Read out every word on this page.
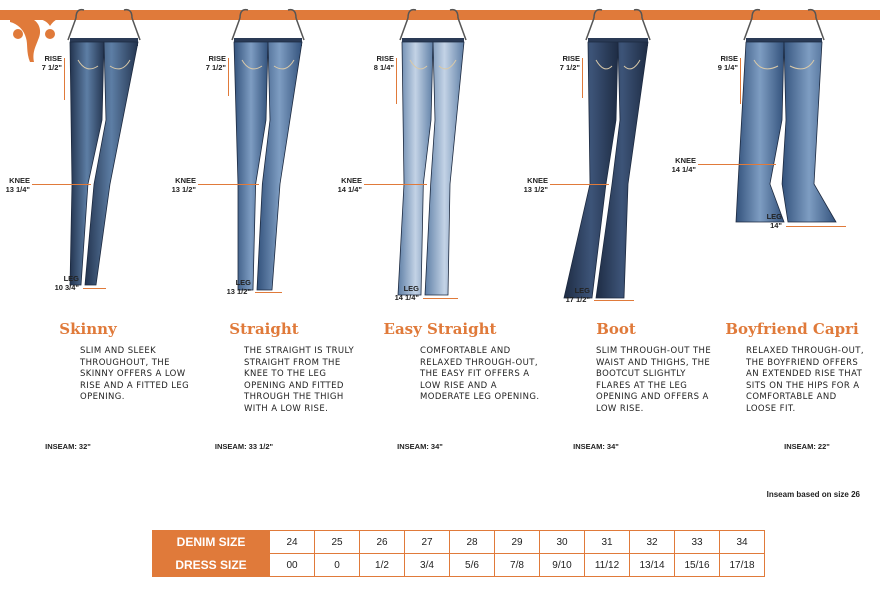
RISE
7 1/2"
KNEE
13 1/4"
LEG
10 3/4"
Skinny
SLIM AND SLEEK THROUGHOUT, THE SKINNY OFFERS A LOW RISE AND A FITTED LEG OPENING.
INSEAM: 32"
RISE
7 1/2"
KNEE
13 1/2"
LEG
13 1/2"
Straight
THE STRAIGHT IS TRULY STRAIGHT FROM THE KNEE TO THE LEG OPENING AND FITTED THROUGH THE THIGH WITH A LOW RISE.
INSEAM: 33 1/2"
RISE
8 1/4"
KNEE
14 1/4"
LEG
14 1/4"
Easy Straight
COMFORTABLE AND RELAXED THROUGH-OUT, THE EASY FIT OFFERS A LOW RISE AND A MODERATE LEG OPENING.
INSEAM: 34"
RISE
7 1/2"
KNEE
13 1/2"
LEG
17 1/2"
Boot
SLIM THROUGH-OUT THE WAIST AND THIGHS, THE BOOTCUT SLIGHTLY FLARES AT THE LEG OPENING AND OFFERS A LOW RISE.
INSEAM: 34"
RISE
9 1/4"
KNEE
14 1/4"
LEG
14"
Boyfriend Capri
RELAXED THROUGH-OUT, THE BOYFRIEND OFFERS AN EXTENDED RISE THAT SITS ON THE HIPS FOR A COMFORTABLE AND LOOSE FIT.
INSEAM: 22"
Inseam based on size 26
DENIM SIZE	24	25	26	27	28	29	30	31	32	33	34
DRESS SIZE	00	0	1/2	3/4	5/6	7/8	9/10	11/12	13/14	15/16	17/18
